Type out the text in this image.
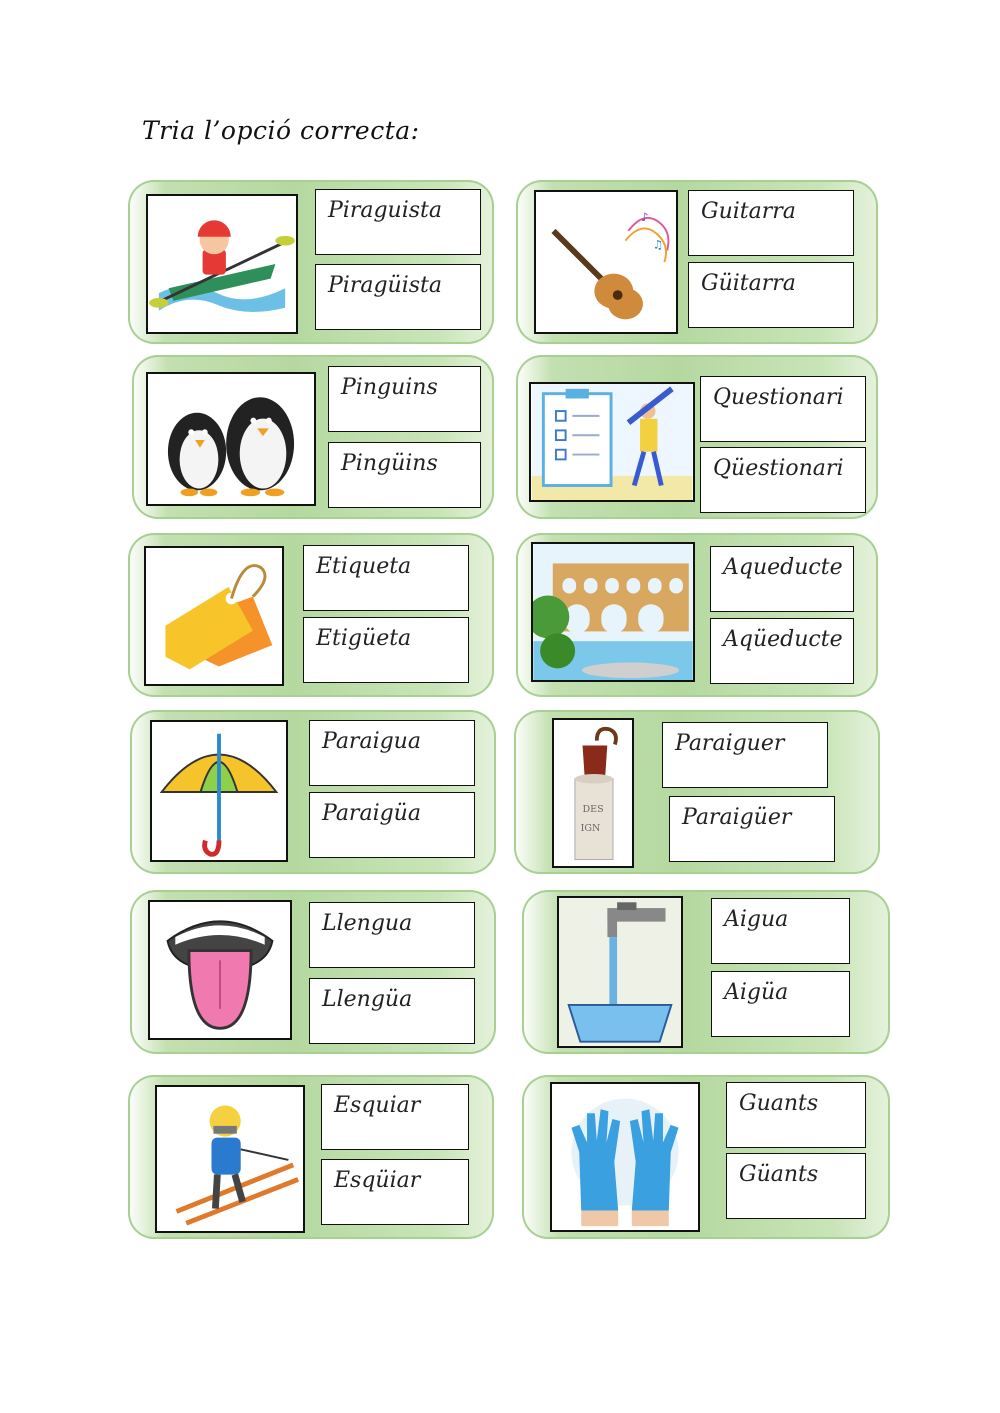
Tria l’opció correcta:
Piraguista
Piragüista
♪
♫
Guitarra
Güitarra
Pinguins
Pingüins
Questionari
Qüestionari
Etiqueta
Etigüeta
Aqueducte
Aqüeducte
Paraigua
Paraigüa	DES
IGN
Paraiguer
Paraigüer
Llengua
Llengüa
Aigua
Aigüa
Esquiar
Esqüiar
Guants
Güants
